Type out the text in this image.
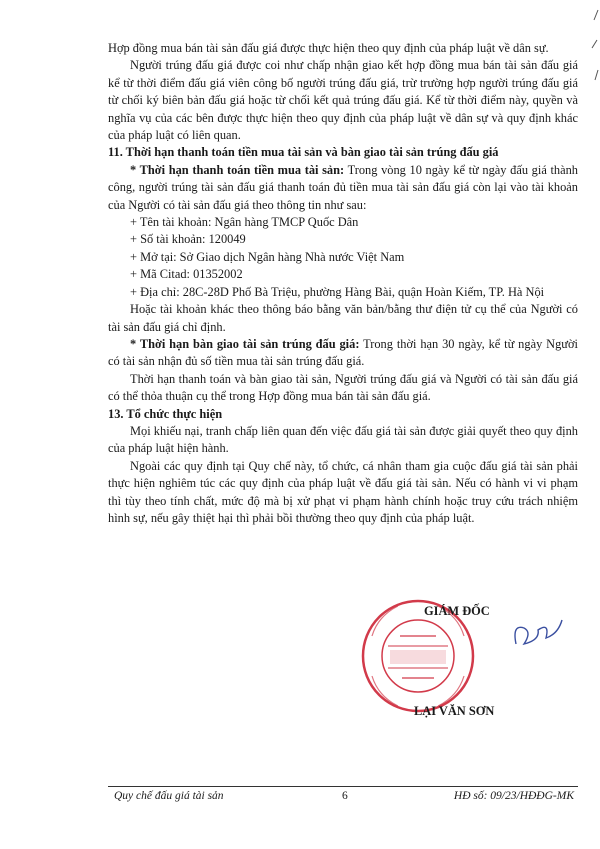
Hợp đồng mua bán tài sản đấu giá được thực hiện theo quy định của pháp luật về dân sự.

Người trúng đấu giá được coi như chấp nhận giao kết hợp đồng mua bán tài sản đấu giá kể từ thời điểm đấu giá viên công bố người trúng đấu giá, trừ trường hợp người trúng đấu giá từ chối ký biên bản đấu giá hoặc từ chối kết quả trúng đấu giá. Kể từ thời điểm này, quyền và nghĩa vụ của các bên được thực hiện theo quy định của pháp luật về dân sự và quy định khác của pháp luật có liên quan.

11. Thời hạn thanh toán tiền mua tài sản và bàn giao tài sản trúng đấu giá

* Thời hạn thanh toán tiền mua tài sản: Trong vòng 10 ngày kể từ ngày đấu giá thành công, người trúng tài sản đấu giá thanh toán đủ tiền mua tài sản đấu giá còn lại vào tài khoản của Người có tài sản đấu giá theo thông tin như sau:

+ Tên tài khoản: Ngân hàng TMCP Quốc Dân

+ Số tài khoản: 120049

+ Mở tại: Sở Giao dịch Ngân hàng Nhà nước Việt Nam

+ Mã Citad: 01352002

+ Địa chỉ: 28C-28D Phố Bà Triệu, phường Hàng Bài, quận Hoàn Kiếm, TP. Hà Nội

Hoặc tài khoản khác theo thông báo bằng văn bản/bằng thư điện tử cụ thể của Người có tài sản đấu giá chỉ định.

* Thời hạn bàn giao tài sản trúng đấu giá: Trong thời hạn 30 ngày, kể từ ngày Người có tài sản nhận đủ số tiền mua tài sản trúng đấu giá.

Thời hạn thanh toán và bàn giao tài sản, Người trúng đấu giá và Người có tài sản đấu giá có thể thỏa thuận cụ thể trong Hợp đồng mua bán tài sản đấu giá.

13. Tổ chức thực hiện

Mọi khiếu nại, tranh chấp liên quan đến việc đấu giá tài sản được giải quyết theo quy định của pháp luật hiện hành.

Ngoài các quy định tại Quy chế này, tổ chức, cá nhân tham gia cuộc đấu giá tài sản phải thực hiện nghiêm túc các quy định của pháp luật về đấu giá tài sản. Nếu có hành vi vi phạm thì tùy theo tính chất, mức độ mà bị xử phạt vi phạm hành chính hoặc truy cứu trách nhiệm hình sự, nếu gây thiệt hại thì phải bồi thường theo quy định của pháp luật.

GIÁM ĐỐC
LẠI VĂN SƠN
Quy chế đấu giá tài sản	6	HĐ số: 09/23/HĐĐG-MK
